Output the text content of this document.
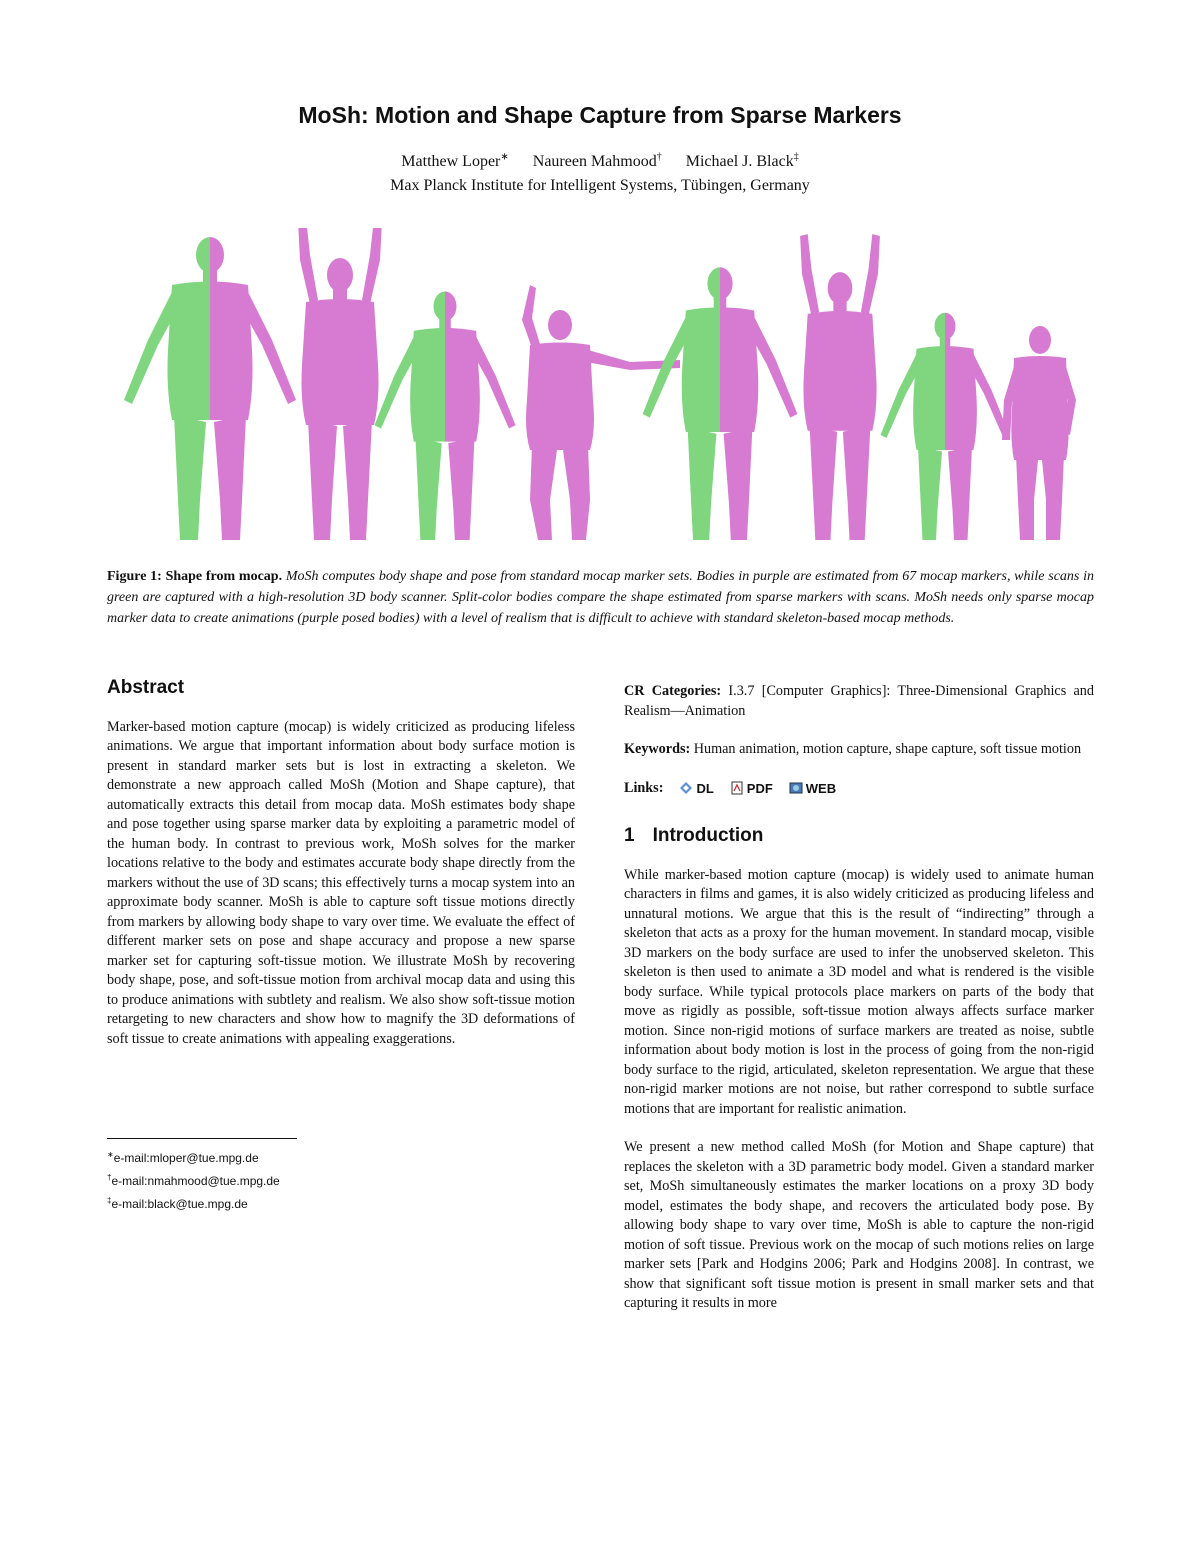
MoSh: Motion and Shape Capture from Sparse Markers
Matthew Loper∗ Naureen Mahmood† Michael J. Black‡
Max Planck Institute for Intelligent Systems, Tübingen, Germany
Figure 1: Shape from mocap. MoSh computes body shape and pose from standard mocap marker sets. Bodies in purple are estimated from 67 mocap markers, while scans in green are captured with a high-resolution 3D body scanner. Split-color bodies compare the shape estimated from sparse markers with scans. MoSh needs only sparse mocap marker data to create animations (purple posed bodies) with a level of realism that is difficult to achieve with standard skeleton-based mocap methods.
Abstract

Marker-based motion capture (mocap) is widely criticized as producing lifeless animations. We argue that important information about body surface motion is present in standard marker sets but is lost in extracting a skeleton. We demonstrate a new approach called MoSh (Motion and Shape capture), that automatically extracts this detail from mocap data. MoSh estimates body shape and pose together using sparse marker data by exploiting a parametric model of the human body. In contrast to previous work, MoSh solves for the marker locations relative to the body and estimates accurate body shape directly from the markers without the use of 3D scans; this effectively turns a mocap system into an approximate body scanner. MoSh is able to capture soft tissue motions directly from markers by allowing body shape to vary over time. We evaluate the effect of different marker sets on pose and shape accuracy and propose a new sparse marker set for capturing soft-tissue motion. We illustrate MoSh by recovering body shape, pose, and soft-tissue motion from archival mocap data and using this to produce animations with subtlety and realism. We also show soft-tissue motion retargeting to new characters and show how to magnify the 3D deformations of soft tissue to create animations with appealing exaggerations.

∗e-mail:mloper@tue.mpg.de
†e-mail:nmahmood@tue.mpg.de
‡e-mail:black@tue.mpg.de

CR Categories: I.3.7 [Computer Graphics]: Three-Dimensional Graphics and Realism—Animation

Keywords: Human animation, motion capture, shape capture, soft tissue motion

Links:	DL	PDF	WEB

1 Introduction

While marker-based motion capture (mocap) is widely used to animate human characters in films and games, it is also widely criticized as producing lifeless and unnatural motions. We argue that this is the result of “indirecting” through a skeleton that acts as a proxy for the human movement. In standard mocap, visible 3D markers on the body surface are used to infer the unobserved skeleton. This skeleton is then used to animate a 3D model and what is rendered is the visible body surface. While typical protocols place markers on parts of the body that move as rigidly as possible, soft-tissue motion always affects surface marker motion. Since non-rigid motions of surface markers are treated as noise, subtle information about body motion is lost in the process of going from the non-rigid body surface to the rigid, articulated, skeleton representation. We argue that these non-rigid marker motions are not noise, but rather correspond to subtle surface motions that are important for realistic animation.

We present a new method called MoSh (for Motion and Shape capture) that replaces the skeleton with a 3D parametric body model. Given a standard marker set, MoSh simultaneously estimates the marker locations on a proxy 3D body model, estimates the body shape, and recovers the articulated body pose. By allowing body shape to vary over time, MoSh is able to capture the non-rigid motion of soft tissue. Previous work on the mocap of such motions relies on large marker sets [Park and Hodgins 2006; Park and Hodgins 2008]. In contrast, we show that significant soft tissue motion is present in small marker sets and that capturing it results in more
